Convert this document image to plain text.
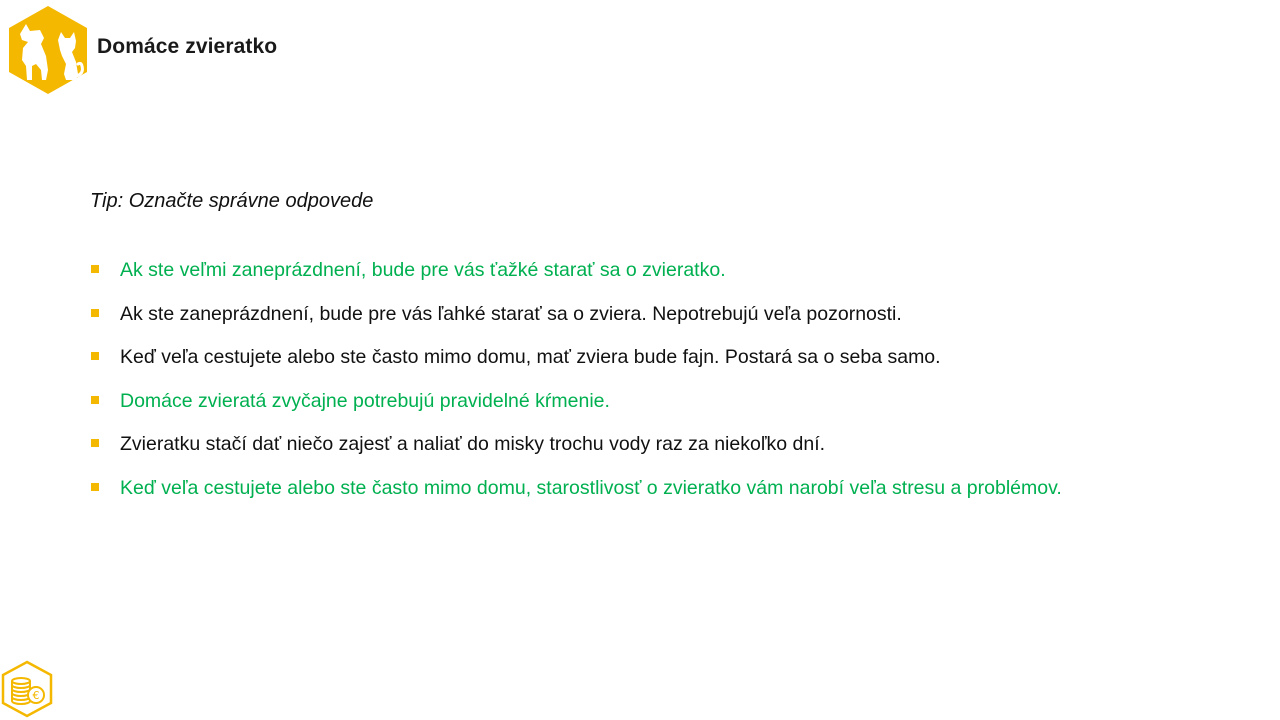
Domáce zvieratko
Tip: Označte správne odpovede
Ak ste veľmi zaneprázdnení, bude pre vás ťažké starať sa o zvieratko.
Ak ste zaneprázdnení, bude pre vás ľahké starať sa o zviera. Nepotrebujú veľa pozornosti.
Keď veľa cestujete alebo ste často mimo domu, mať zviera bude fajn. Postará sa o seba samo.
Domáce zvieratá zvyčajne potrebujú pravidelné kŕmenie.
Zvieratku stačí dať niečo zajesť a naliať do misky trochu vody raz za niekoľko dní.
Keď veľa cestujete alebo ste často mimo domu, starostlivosť o zvieratko vám narobí veľa stresu a problémov.
€
